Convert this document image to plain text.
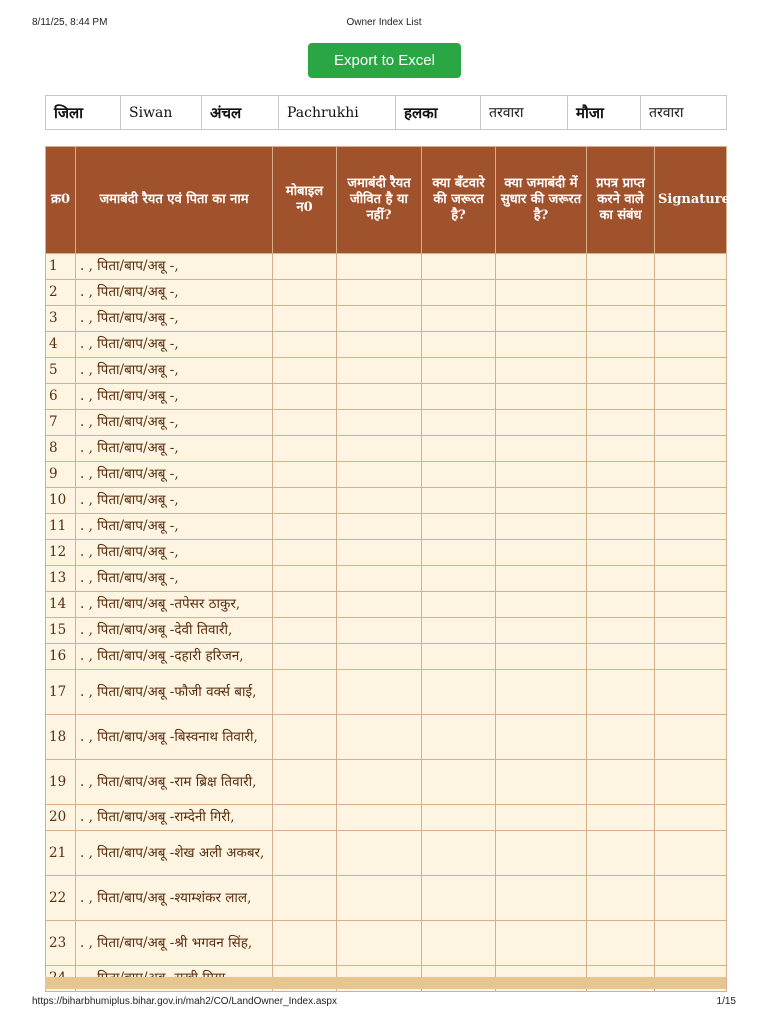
8/11/25, 8:44 PM	Owner Index List
Export to Excel
जिला	Siwan	अंचल	Pachrukhi	हलका	तरवारा	मौजा	तरवारा
क्र0	जमाबंदी रैयत एवं पिता का नाम	मोबाइल न0	जमाबंदी रैयत जीवित है या नहीं?	क्या बँटवारे की जरूरत है?	क्या जमाबंदी में सुधार की जरूरत है?	प्रपत्र प्राप्त करने वाले का संबंध	Signature
1	. , पिता/बाप/अबू -,						
2	. , पिता/बाप/अबू -,						
3	. , पिता/बाप/अबू -,						
4	. , पिता/बाप/अबू -,						
5	. , पिता/बाप/अबू -,						
6	. , पिता/बाप/अबू -,						
7	. , पिता/बाप/अबू -,						
8	. , पिता/बाप/अबू -,						
9	. , पिता/बाप/अबू -,						
10	. , पिता/बाप/अबू -,						
11	. , पिता/बाप/अबू -,						
12	. , पिता/बाप/अबू -,						
13	. , पिता/बाप/अबू -,						
14	. , पिता/बाप/अबू -तपेसर ठाकुर,						
15	. , पिता/बाप/अबू -देवी तिवारी,						
16	. , पिता/बाप/अबू -दहारी हरिजन,						
17	. , पिता/बाप/अबू -फौजी वर्क्स बाई,						
18	. , पिता/बाप/अबू -बिस्वनाथ तिवारी,						
19	. , पिता/बाप/अबू -राम ब्रिक्ष तिवारी,						
20	. , पिता/बाप/अबू -राम्देनी गिरी,						
21	. , पिता/बाप/अबू -शेख अली अकबर,						
22	. , पिता/बाप/अबू -श्याम्शंकर लाल,						
23	. , पिता/बाप/अबू -श्री भगवन सिंह,						

https://biharbhumiplus.bihar.gov.in/mah2/CO/LandOwner_Index.aspx	1/15
